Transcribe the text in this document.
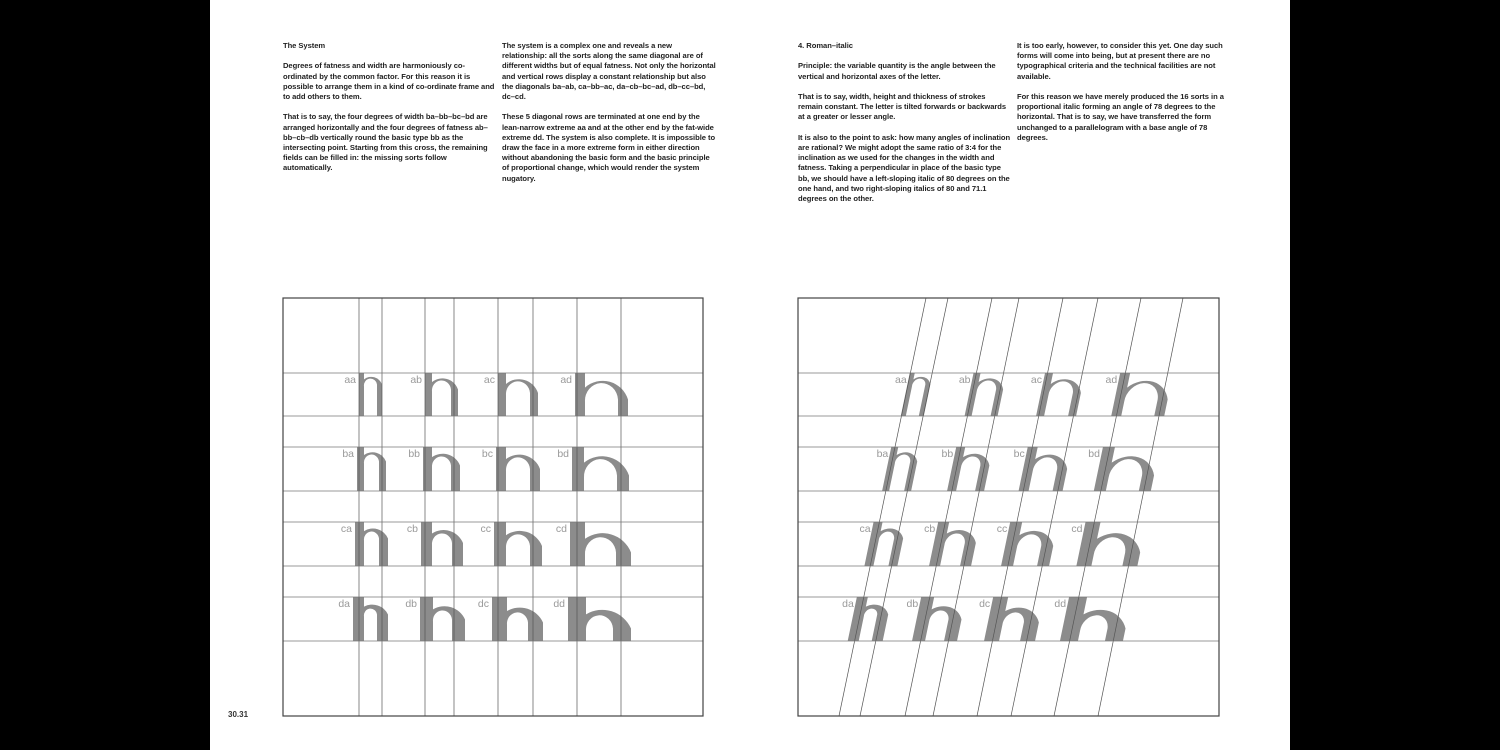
The System

Degrees of fatness and width are harmoniously co-ordinated by the common factor. For this reason it is possible to arrange them in a kind of co-ordinate frame and to add others to them.

That is to say, the four degrees of width ba–bb–bc–bd are arranged horizontally and the four degrees of fatness ab–bb–cb–db vertically round the basic type bb as the intersecting point. Starting from this cross, the remaining fields can be filled in: the missing sorts follow automatically.

The system is a complex one and reveals a new relationship: all the sorts along the same diagonal are of different widths but of equal fatness. Not only the horizontal and vertical rows display a constant relationship but also the diagonals ba–ab, ca–bb–ac, da–cb–bc–ad, db–cc–bd, dc–cd.

These 5 diagonal rows are terminated at one end by the lean-narrow extreme aa and at the other end by the fat-wide extreme dd. The system is also complete. It is impossible to draw the face in a more extreme form in either direction without abandoning the basic form and the basic principle of proportional change, which would render the system nugatory.

4. Roman–italic

Principle: the variable quantity is the angle between the vertical and horizontal axes of the letter.

That is to say, width, height and thickness of strokes remain constant. The letter is tilted forwards or backwards at a greater or lesser angle.

It is also to the point to ask: how many angles of inclination are rational? We might adopt the same ratio of 3:4 for the inclination as we used for the changes in the width and fatness. Taking a perpendicular in place of the basic type bb, we should have a left-sloping italic of 80 degrees on the one hand, and two right-sloping italics of 80 and 71.1 degrees on the other.

It is too early, however, to consider this yet. One day such forms will come into being, but at present there are no typographical criteria and the technical facilities are not available.

For this reason we have merely produced the 16 sorts in a proportional italic forming an angle of 78 degrees to the horizontal. That is to say, we have transferred the form unchanged to a parallelogram with a base angle of 78 degrees.

30.31
aa	ab	ac	ad
ba	bb	bc	bd
ca	cb	cc	cd
da	db	dc	dd
aa	ab	ac	ad
ba	bb	bc	bd
ca	cb	cc	cd
da	db	dc	dd
